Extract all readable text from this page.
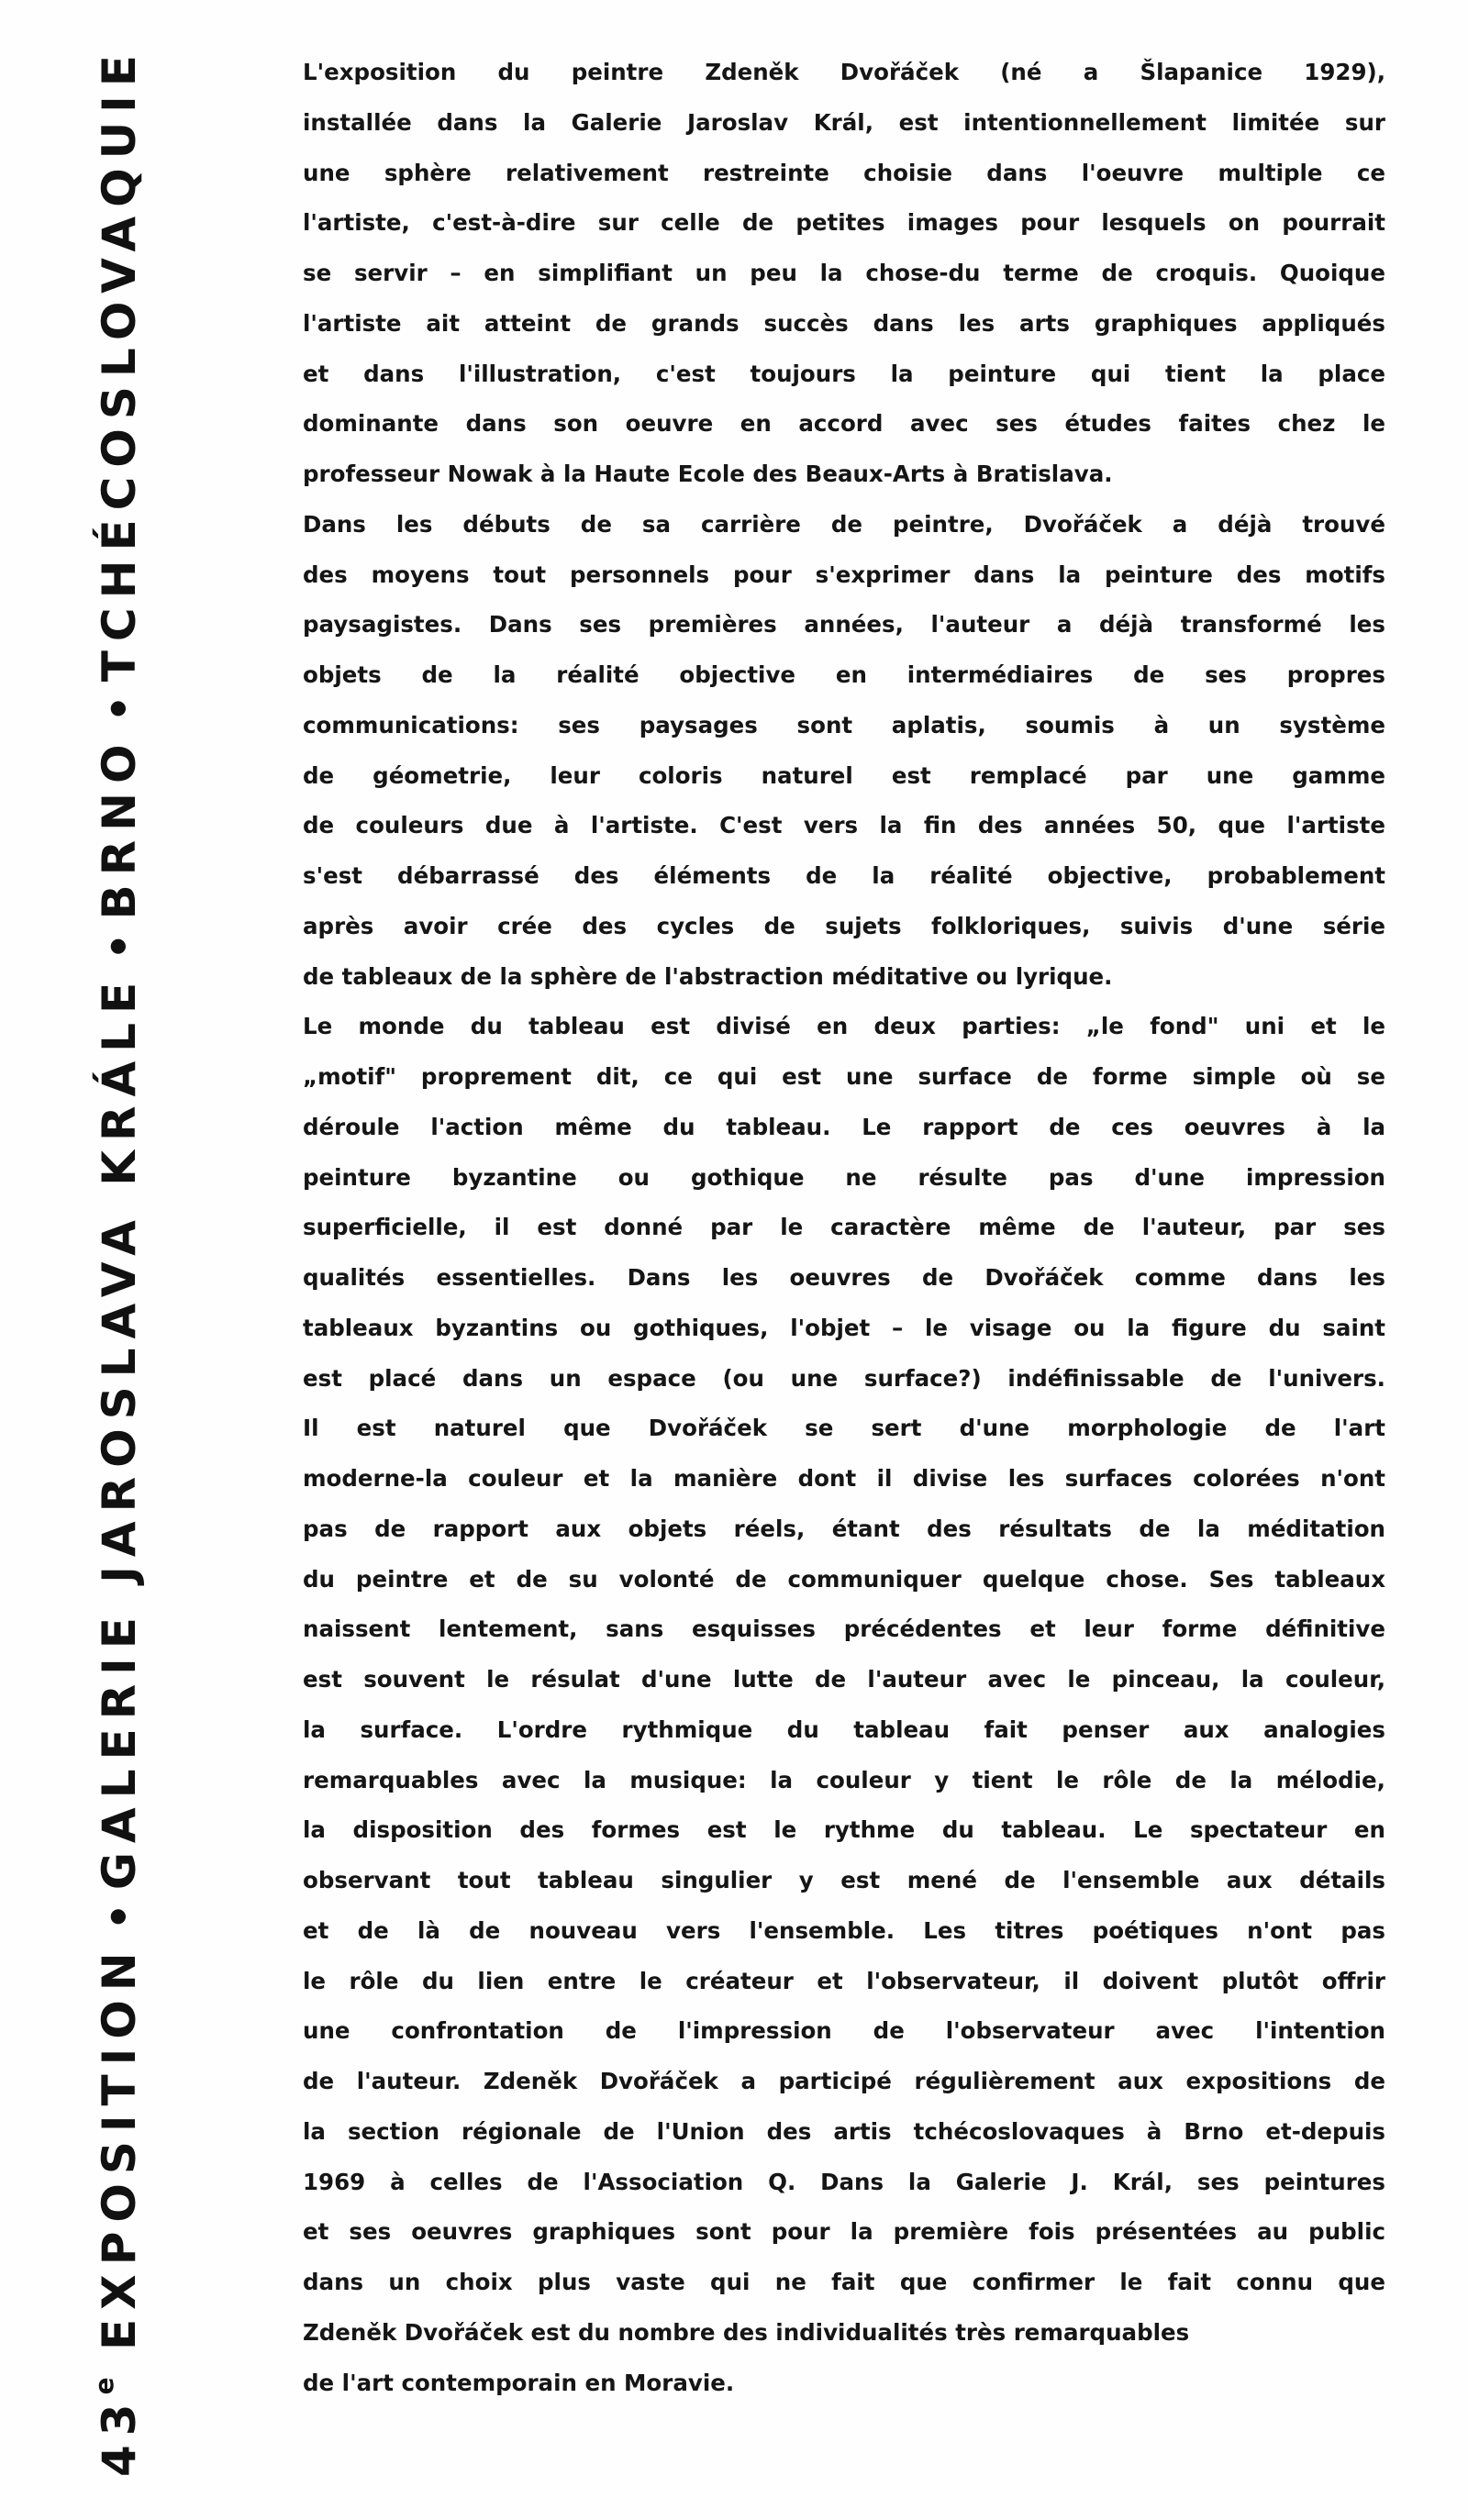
43e EXPOSITION
•
GALERIE JAROSLAVA KRÁLE
•
BRNO
•
TCHÉCOSLOVAQUIE	L'exposition du peintre Zdeněk Dvořáček (né a Šlapanice 1929),
installée dans la Galerie Jaroslav Král, est intentionnellement limitée sur
une sphère relativement restreinte choisie dans l'oeuvre multiple ce
l'artiste, c'est-à-dire sur celle de petites images pour lesquels on pourrait
se servir – en simplifiant un peu la chose-du terme de croquis. Quoique
l'artiste ait atteint de grands succès dans les arts graphiques appliqués
et dans l'illustration, c'est toujours la peinture qui tient la place
dominante dans son oeuvre en accord avec ses études faites chez le
professeur Nowak à la Haute Ecole des Beaux-Arts à Bratislava.
Dans les débuts de sa carrière de peintre, Dvořáček a déjà trouvé
des moyens tout personnels pour s'exprimer dans la peinture des motifs
paysagistes. Dans ses premières années, l'auteur a déjà transformé les
objets de la réalité objective en intermédiaires de ses propres
communications: ses paysages sont aplatis, soumis à un système
de géometrie, leur coloris naturel est remplacé par une gamme
de couleurs due à l'artiste. C'est vers la fin des années 50, que l'artiste
s'est débarrassé des éléments de la réalité objective, probablement
après avoir crée des cycles de sujets folkloriques, suivis d'une série
de tableaux de la sphère de l'abstraction méditative ou lyrique.
Le monde du tableau est divisé en deux parties: „le fond" uni et le
„motif" proprement dit, ce qui est une surface de forme simple où se
déroule l'action même du tableau. Le rapport de ces oeuvres à la
peinture byzantine ou gothique ne résulte pas d'une impression
superficielle, il est donné par le caractère même de l'auteur, par ses
qualités essentielles. Dans les oeuvres de Dvořáček comme dans les
tableaux byzantins ou gothiques, l'objet – le visage ou la figure du saint
est placé dans un espace (ou une surface?) indéfinissable de l'univers.
Il est naturel que Dvořáček se sert d'une morphologie de l'art
moderne-la couleur et la manière dont il divise les surfaces colorées n'ont
pas de rapport aux objets réels, étant des résultats de la méditation
du peintre et de su volonté de communiquer quelque chose. Ses tableaux
naissent lentement, sans esquisses précédentes et leur forme définitive
est souvent le résulat d'une lutte de l'auteur avec le pinceau, la couleur,
la surface. L'ordre rythmique du tableau fait penser aux analogies
remarquables avec la musique: la couleur y tient le rôle de la mélodie,
la disposition des formes est le rythme du tableau. Le spectateur en
observant tout tableau singulier y est mené de l'ensemble aux détails
et de là de nouveau vers l'ensemble. Les titres poétiques n'ont pas
le rôle du lien entre le créateur et l'observateur, il doivent plutôt offrir
une confrontation de l'impression de l'observateur avec l'intention
de l'auteur. Zdeněk Dvořáček a participé régulièrement aux expositions de
la section régionale de l'Union des artis tchécoslovaques à Brno et-depuis
1969 à celles de l'Association Q. Dans la Galerie J. Král, ses peintures
et ses oeuvres graphiques sont pour la première fois présentées au public
dans un choix plus vaste qui ne fait que confirmer le fait connu que
Zdeněk Dvořáček est du nombre des individualités très remarquables
de l'art contemporain en Moravie.
